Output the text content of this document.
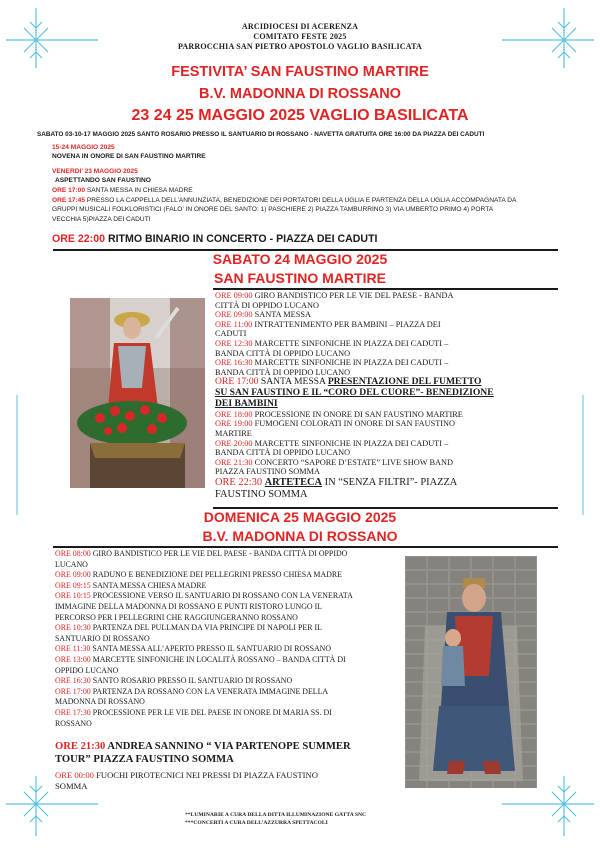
ARCIDIOCESI DI ACERENZA
COMITATO FESTE 2025
PARROCCHIA SAN PIETRO APOSTOLO VAGLIO BASILICATA
FESTIVITA’ SAN FAUSTINO MARTIRE
B.V. MADONNA DI ROSSANO
23 24 25 MAGGIO 2025 VAGLIO BASILICATA
SABATO 03-10-17 MAGGIO 2025 SANTO ROSARIO PRESSO IL SANTUARIO DI ROSSANO - NAVETTA GRATUITA ORE 16:00 DA PIAZZA DEI CADUTI
15-24 MAGGIO 2025
NOVENA IN ONORE DI SAN FAUSTINO MARTIRE
VENERDI’ 23 MAGGIO 2025
ASPETTANDO SAN FAUSTINO
ORE 17:00 SANTA MESSA IN CHIESA MADRE
ORE 17:45 PRESSO LA CAPPELLA DELL’ANNUNZIATA, BENEDIZIONE DEI PORTATORI DELLA UGLIA E PARTENZA DELLA UGLIA ACCOMPAGNATA DA
GRUPPI MUSICALI FOLKLORISTICI (FALO’ IN ONORE DEL SANTO: 1) PASCHIERE 2) PIAZZA TAMBURRINO 3) VIA UMBERTO PRIMO 4) PORTA
VECCHIA 5)PIAZZA DEI CADUTI
ORE 22:00 RITMO BINARIO IN CONCERTO - PIAZZA DEI CADUTI
SABATO 24 MAGGIO 2025
SAN FAUSTINO MARTIRE
ORE 09:00 GIRO BANDISTICO PER LE VIE DEL PAESE - BANDA
CITTÀ DI OPPIDO LUCANO
ORE 09:00 SANTA MESSA
ORE 11:00 INTRATTENIMENTO PER BAMBINI – PIAZZA DEI
CADUTI
ORE 12:30 MARCETTE SINFONICHE IN PIAZZA DEI CADUTI –
BANDA CITTÀ DI OPPIDO LUCANO
ORE 16:30 MARCETTE SINFONICHE IN PIAZZA DEI CADUTI –
BANDA CITTÀ DI OPPIDO LUCANO
ORE 17:00 SANTA MESSA PRESENTAZIONE DEL FUMETTO
SU SAN FAUSTINO E IL “CORO DEL CUORE”- BENEDIZIONE
DEI BAMBINI
ORE 18:00 PROCESSIONE IN ONORE DI SAN FAUSTINO MARTIRE
ORE 19:00 FUMOGENI COLORATI IN ONORE DI SAN FAUSTINO
MARTIRE
ORE 20:00 MARCETTE SINFONICHE IN PIAZZA DEI CADUTI –
BANDA CITTÀ DI OPPIDO LUCANO
ORE 21:30 CONCERTO “SAPORE D’ESTATE” LIVE SHOW BAND
PIAZZA FAUSTINO SOMMA
ORE 22:30 ARTETECA IN “SENZA FILTRI”- PIAZZA
FAUSTINO SOMMA
DOMENICA 25 MAGGIO 2025
B.V. MADONNA DI ROSSANO
ORE 08:00 GIRO BANDISTICO PER LE VIE DEL PAESE - BANDA CITTÀ DI OPPIDO
LUCANO
ORE 09:00 RADUNO E BENEDIZIONE DEI PELLEGRINI PRESSO CHIESA MADRE
ORE 09:15 SANTA MESSA CHIESA MADRE
ORE 10:15 PROCESSIONE VERSO IL SANTUARIO DI ROSSANO CON LA VENERATA
IMMAGINE DELLA MADONNA DI ROSSANO E PUNTI RISTORO LUNGO IL
PERCORSO PER I PELLEGRINI CHE RAGGIUNGERANNO ROSSANO
ORE 10:30 PARTENZA DEL PULLMAN DA VIA PRINCIPE DI NAPOLI PER IL
SANTUARIO DI ROSSANO
ORE 11:30 SANTA MESSA ALL’APERTO PRESSO IL SANTUARIO DI ROSSANO
ORE 13:00 MARCETTE SINFONICHE IN LOCALITÀ ROSSANO – BANDA CITTÀ DI
OPPIDO LUCANO
ORE 16:30 SANTO ROSARIO PRESSO IL SANTUARIO DI ROSSANO
ORE 17:00 PARTENZA DA ROSSANO CON LA VENERATA IMMAGINE DELLA
MADONNA DI ROSSANO
ORE 17:30 PROCESSIONE PER LE VIE DEL PAESE IN ONORE DI MARIA SS. DI
ROSSANO
ORE 21:30 ANDREA SANNINO “ VIA PARTENOPE SUMMER
TOUR” PIAZZA FAUSTINO SOMMA
ORE 00:00 FUOCHI PIROTECNICI NEI PRESSI DI PIAZZA FAUSTINO
SOMMA
**LUMINARIE A CURA DELLA DITTA ILLUMINAZIONE GATTA SNC
***CONCERTI A CURA DELL’AZZURRA SPETTACOLI
